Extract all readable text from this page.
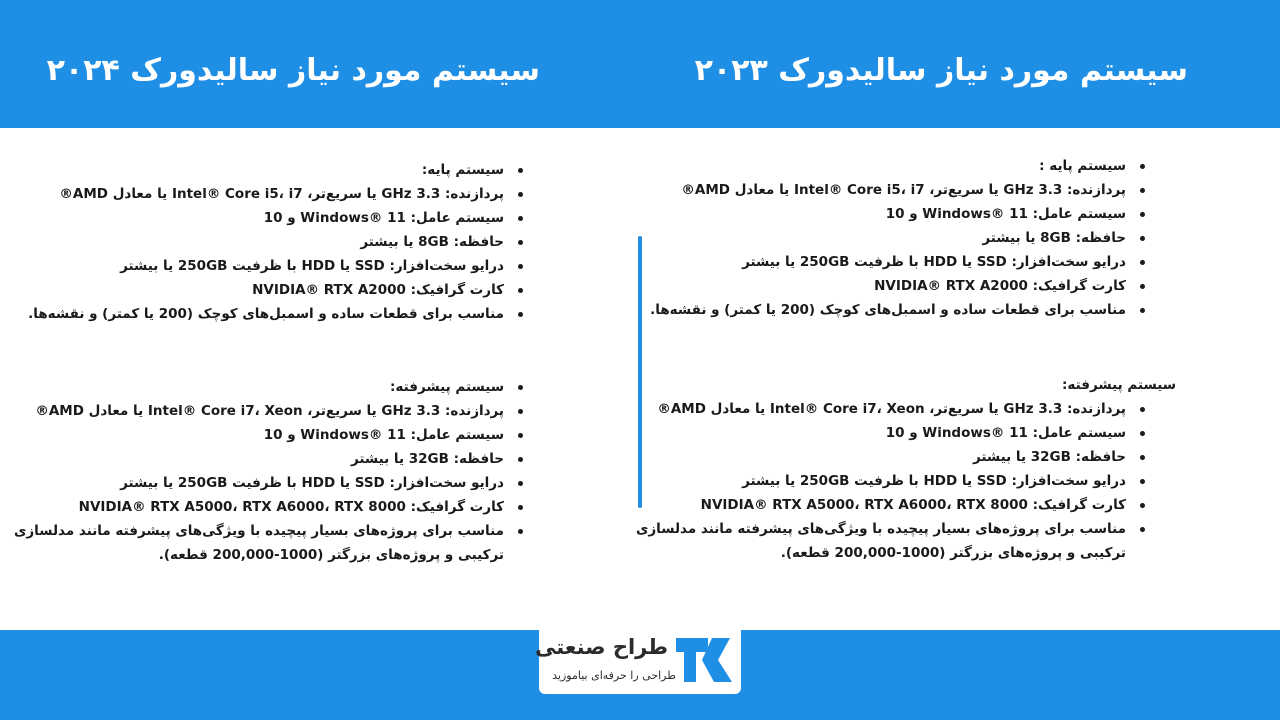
سیستم مورد نیاز سالیدورک ۲۰۲۳
سیستم مورد نیاز سالیدورک ۲۰۲۴
سیستم پایه :
پردازنده: GHz 3.3 یا سریع‌تر، Intel® Core i5، i7 یا معادل AMD®
سیستم عامل: 11 ®Windows و 10
حافظه: 8GB یا بیشتر
درایو سخت‌افزار: SSD یا HDD با ظرفیت 250GB یا بیشتر
کارت گرافیک: NVIDIA® RTX A2000
مناسب برای قطعات ساده و اسمبل‌های کوچک (200 یا کمتر) و نقشه‌ها.
سیستم پیشرفته:
پردازنده: GHz 3.3 یا سریع‌تر، Intel® Core i7، Xeon یا معادل AMD®
سیستم عامل: 11 ®Windows و 10
حافظه: 32GB یا بیشتر
درایو سخت‌افزار: SSD یا HDD با ظرفیت 250GB یا بیشتر
کارت گرافیک: NVIDIA® RTX A5000، RTX A6000، RTX 8000
مناسب برای پروژه‌های بسیار پیچیده با ویژگی‌های پیشرفته مانند مدلسازی ترکیبی و پروژه‌های بزرگتر (1000-200,000 قطعه).
سیستم پایه:
پردازنده: GHz 3.3 یا سریع‌تر، Intel® Core i5، i7 یا معادل AMD®
سیستم عامل: 11 ®Windows و 10
حافظه: 8GB یا بیشتر
درایو سخت‌افزار: SSD یا HDD با ظرفیت 250GB یا بیشتر
کارت گرافیک: NVIDIA® RTX A2000
مناسب برای قطعات ساده و اسمبل‌های کوچک (200 یا کمتر) و نقشه‌ها.
سیستم پیشرفته:
پردازنده: GHz 3.3 یا سریع‌تر، Intel® Core i7، Xeon یا معادل AMD®
سیستم عامل: 11 ®Windows و 10
حافظه: 32GB یا بیشتر
درایو سخت‌افزار: SSD یا HDD با ظرفیت 250GB یا بیشتر
کارت گرافیک: NVIDIA® RTX A5000، RTX A6000، RTX 8000
مناسب برای پروژه‌های بسیار پیچیده با ویژگی‌های پیشرفته مانند مدلسازی ترکیبی و پروژه‌های بزرگتر (1000-200,000 قطعه).
طراح صنعتی
طراحی را حرفه‌ای بیاموزید
